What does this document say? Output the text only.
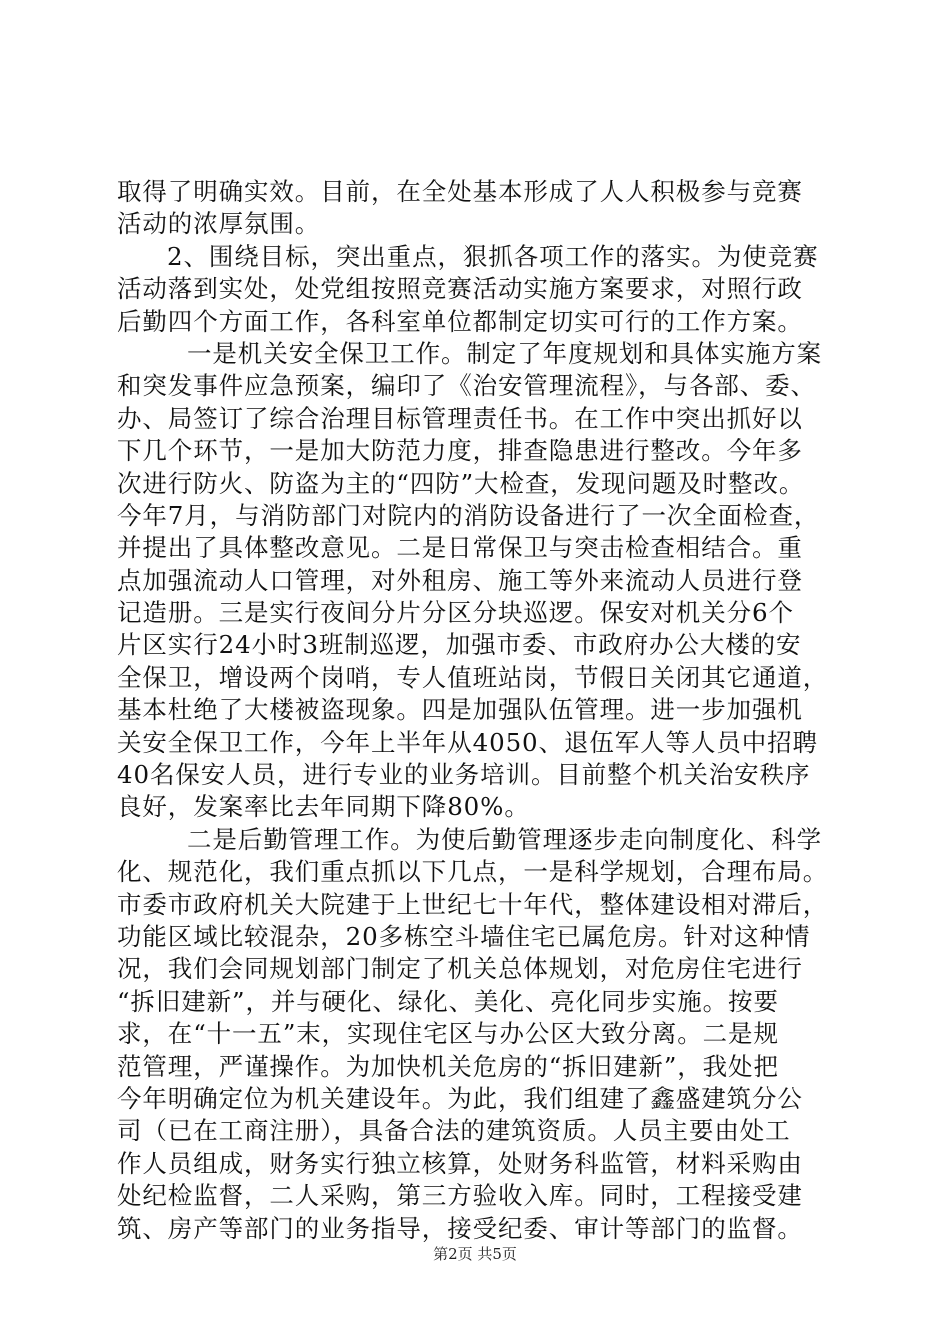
取得了明确实效。目前，在全处基本形成了人人积极参与竞赛
活动的浓厚氛围。
2、围绕目标，突出重点，狠抓各项工作的落实。为使竞赛
活动落到实处，处党组按照竞赛活动实施方案要求，对照行政
后勤四个方面工作，各科室单位都制定切实可行的工作方案。
一是机关安全保卫工作。制定了年度规划和具体实施方案
和突发事件应急预案，编印了《治安管理流程》，与各部、委、
办、局签订了综合治理目标管理责任书。在工作中突出抓好以
下几个环节，一是加大防范力度，排查隐患进行整改。今年多
次进行防火、防盗为主的“四防”大检查，发现问题及时整改。
今年7月，与消防部门对院内的消防设备进行了一次全面检查，
并提出了具体整改意见。二是日常保卫与突击检查相结合。重
点加强流动人口管理，对外租房、施工等外来流动人员进行登
记造册。三是实行夜间分片分区分块巡逻。保安对机关分6个
片区实行24小时3班制巡逻，加强市委、市政府办公大楼的安
全保卫，增设两个岗哨，专人值班站岗，节假日关闭其它通道，
基本杜绝了大楼被盗现象。四是加强队伍管理。进一步加强机
关安全保卫工作，今年上半年从4050、退伍军人等人员中招聘
40名保安人员，进行专业的业务培训。目前整个机关治安秩序
良好，发案率比去年同期下降80%。
二是后勤管理工作。为使后勤管理逐步走向制度化、科学
化、规范化，我们重点抓以下几点，一是科学规划，合理布局。
市委市政府机关大院建于上世纪七十年代，整体建设相对滞后，
功能区域比较混杂，20多栋空斗墙住宅已属危房。针对这种情
况，我们会同规划部门制定了机关总体规划，对危房住宅进行
“拆旧建新”，并与硬化、绿化、美化、亮化同步实施。按要
求，在“十一五”末，实现住宅区与办公区大致分离。二是规
范管理，严谨操作。为加快机关危房的“拆旧建新”，我处把
今年明确定位为机关建设年。为此，我们组建了鑫盛建筑分公
司（已在工商注册），具备合法的建筑资质。人员主要由处工
作人员组成，财务实行独立核算，处财务科监管，材料采购由
处纪检监督，二人采购，第三方验收入库。同时，工程接受建
筑、房产等部门的业务指导，接受纪委、审计等部门的监督。
第2页 共5页
